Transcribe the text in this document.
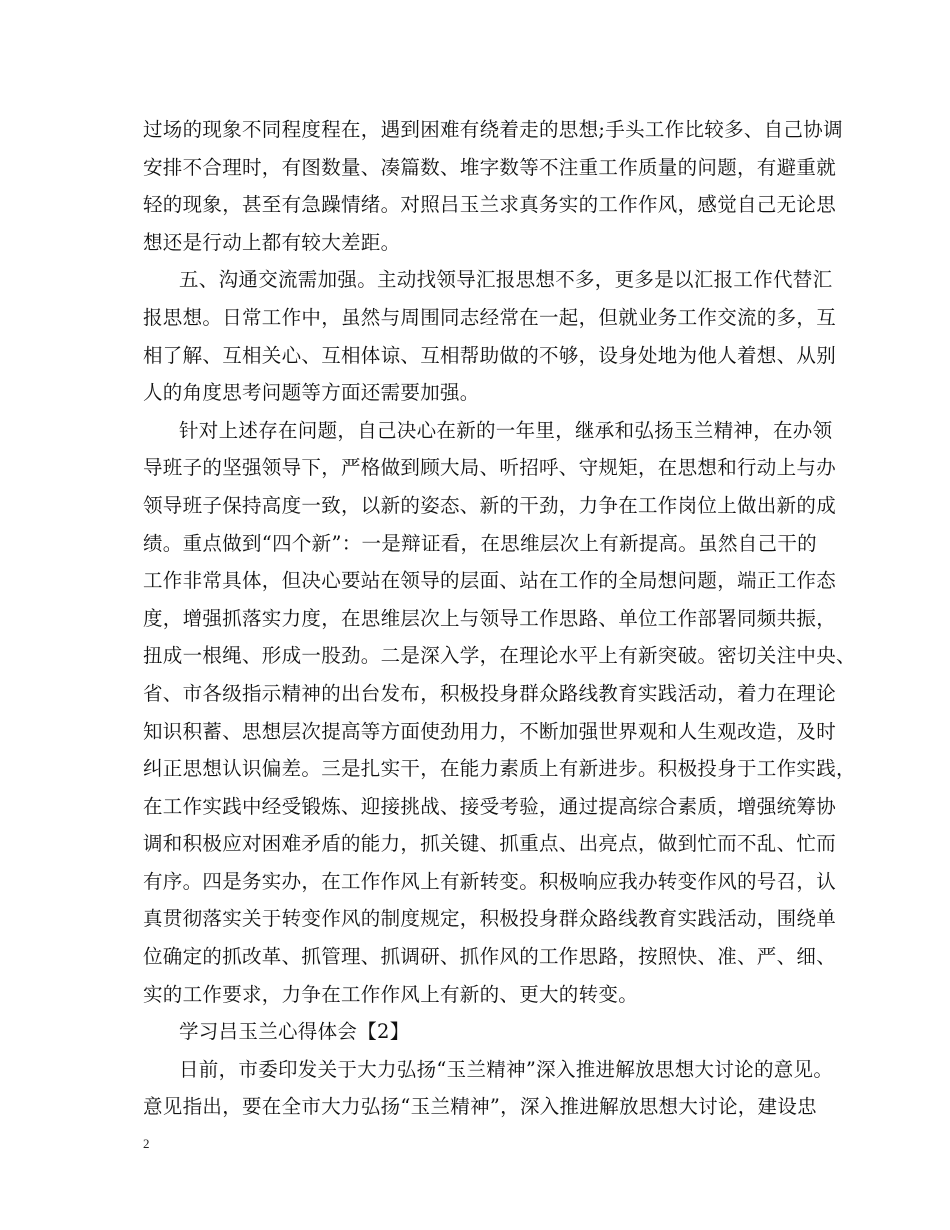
过场的现象不同程度程在，遇到困难有绕着走的思想;手头工作比较多、自己协调
安排不合理时，有图数量、凑篇数、堆字数等不注重工作质量的问题，有避重就
轻的现象，甚至有急躁情绪。对照吕玉兰求真务实的工作作风，感觉自己无论思
想还是行动上都有较大差距。
五、沟通交流需加强。主动找领导汇报思想不多，更多是以汇报工作代替汇
报思想。日常工作中，虽然与周围同志经常在一起，但就业务工作交流的多，互
相了解、互相关心、互相体谅、互相帮助做的不够，设身处地为他人着想、从别
人的角度思考问题等方面还需要加强。
针对上述存在问题，自己决心在新的一年里，继承和弘扬玉兰精神，在办领
导班子的坚强领导下，严格做到顾大局、听招呼、守规矩，在思想和行动上与办
领导班子保持高度一致，以新的姿态、新的干劲，力争在工作岗位上做出新的成
绩。重点做到“四个新”：一是辩证看，在思维层次上有新提高。虽然自己干的
工作非常具体，但决心要站在领导的层面、站在工作的全局想问题，端正工作态
度，增强抓落实力度，在思维层次上与领导工作思路、单位工作部署同频共振，
扭成一根绳、形成一股劲。二是深入学，在理论水平上有新突破。密切关注中央、
省、市各级指示精神的出台发布，积极投身群众路线教育实践活动，着力在理论
知识积蓄、思想层次提高等方面使劲用力，不断加强世界观和人生观改造，及时
纠正思想认识偏差。三是扎实干，在能力素质上有新进步。积极投身于工作实践，
在工作实践中经受锻炼、迎接挑战、接受考验，通过提高综合素质，增强统筹协
调和积极应对困难矛盾的能力，抓关键、抓重点、出亮点，做到忙而不乱、忙而
有序。四是务实办，在工作作风上有新转变。积极响应我办转变作风的号召，认
真贯彻落实关于转变作风的制度规定，积极投身群众路线教育实践活动，围绕单
位确定的抓改革、抓管理、抓调研、抓作风的工作思路，按照快、准、严、细、
实的工作要求，力争在工作作风上有新的、更大的转变。
学习吕玉兰心得体会【2】
日前，市委印发关于大力弘扬“玉兰精神”深入推进解放思想大讨论的意见。
意见指出，要在全市大力弘扬“玉兰精神”，深入推进解放思想大讨论，建设忠
2
